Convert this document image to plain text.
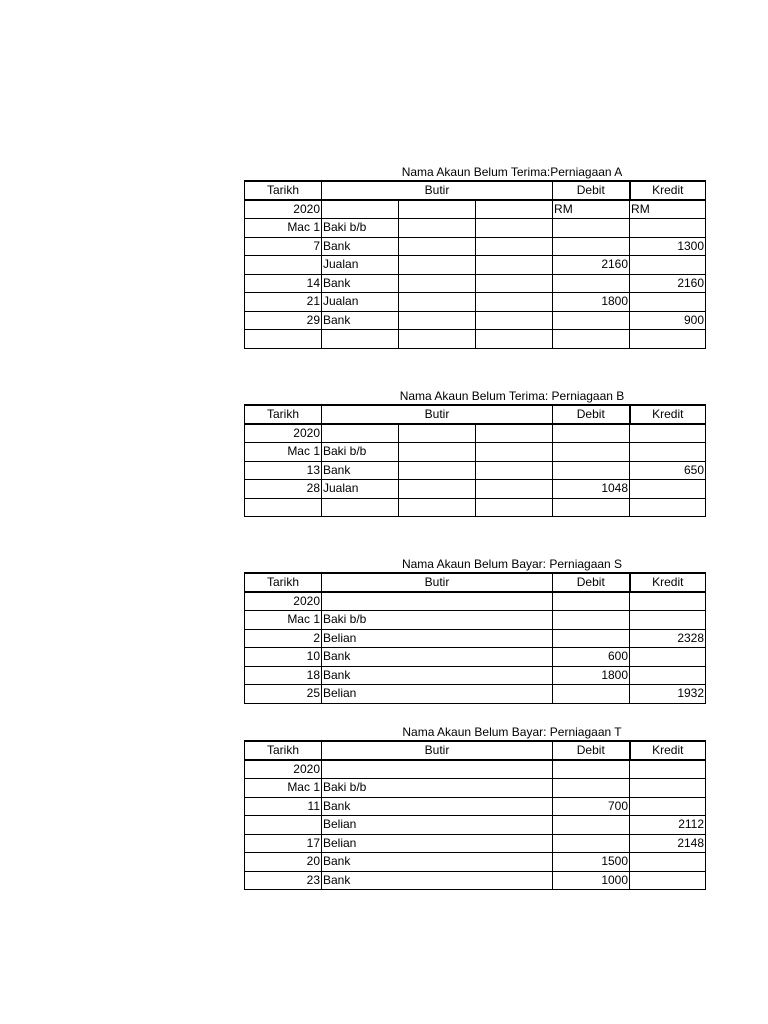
Nama Akaun Belum Terima:Perniagaan A
Tarikh	Butir			Debit	Kredit
2020				RM	RM
Mac 1	Baki b/b				
7	Bank				1300
	Jualan			2160	
14	Bank				2160
21	Jualan			1800	
29	Bank				900

Nama Akaun Belum Terima: Perniagaan B
Tarikh	Butir			Debit	Kredit
2020					
Mac 1	Baki b/b				
13	Bank				650
28	Jualan			1048	

Nama Akaun Belum Bayar: Perniagaan S
Tarikh	Butir	Debit	Kredit
2020			
Mac 1	Baki b/b		
2	Belian		2328
10	Bank	600	
18	Bank	1800	
25	Belian		1932
Nama Akaun Belum Bayar: Perniagaan T
Tarikh	Butir	Debit	Kredit
2020			
Mac 1	Baki b/b		
11	Bank	700	
	Belian		2112
17	Belian		2148
20	Bank	1500	
23	Bank	1000	
